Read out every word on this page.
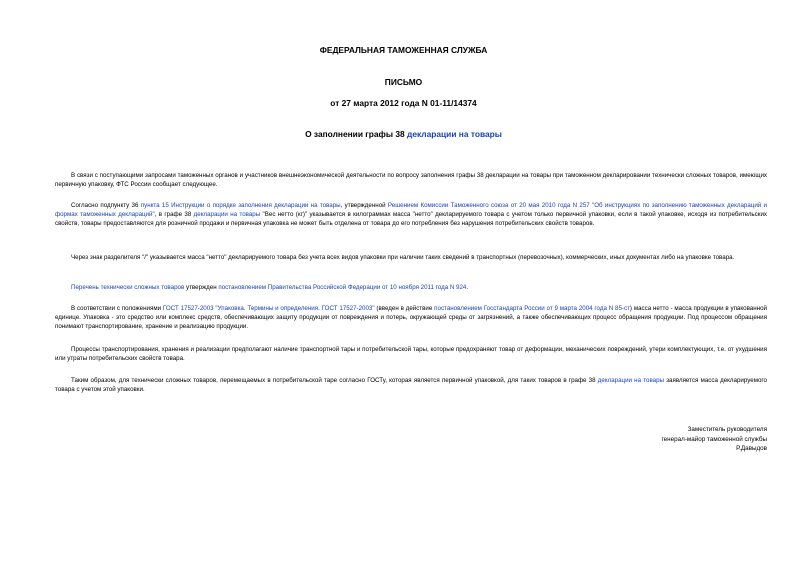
ФЕДЕРАЛЬНАЯ ТАМОЖЕННАЯ СЛУЖБА
ПИСЬМО
от 27 марта 2012 года N 01-11/14374
О заполнении графы 38 декларации на товары

В связи с поступающими запросами таможенных органов и участников внешнеэкономической деятельности по вопросу заполнения графы 38 декларации на товары при таможенном декларировании технически сложных товаров, имеющих первичную упаковку, ФТС России сообщает следующее.

Согласно подпункту 36 пункта 15 Инструкции о порядке заполнения декларации на товары, утвержденной Решением Комиссии Таможенного союза от 20 мая 2010 года N 257 "Об инструкциях по заполнению таможенных деклараций и формах таможенных деклараций", в графе 38 декларации на товары "Вес нетто (кг)" указывается в килограммах масса "нетто" декларируемого товара с учетом только первичной упаковки, если в такой упаковке, исходя из потребительских свойств, товары предоставляются для розничной продажи и первичная упаковка не может быть отделена от товара до его потребления без нарушения потребительских свойств товаров.

Через знак разделителя "/" указывается масса "нетто" декларируемого товара без учета всех видов упаковки при наличии таких сведений в транспортных (перевозочных), коммерческих, иных документах либо на упаковке товара.

Перечень технически сложных товаров утвержден постановлением Правительства Российской Федерации от 10 ноября 2011 года N 924.

В соответствии с положениями ГОСТ 17527-2003 "Упаковка. Термины и определения. ГОСТ 17527-2003" (введен в действие постановлением Госстандарта России от 9 марта 2004 года N 85-ст) масса нетто - масса продукции в упакованной единице. Упаковка - это средство или комплекс средств, обеспечивающих защиту продукции от повреждения и потерь, окружающей среды от загрязнений, а также обеспечивающих процесс обращения продукции. Под процессом обращения понимают транспортирование, хранение и реализацию продукции.

Процессы транспортирования, хранения и реализации предполагают наличие транспортной тары и потребительской тары, которые предохраняют товар от деформации, механических повреждений, утери комплектующих, т.е. от ухудшения или утраты потребительских свойств товара.

Таким образом, для технически сложных товаров, перемещаемых в потребительской таре согласно ГОСТу, которая является первичной упаковкой, для таких товаров в графе 38 декларации на товары заявляется масса декларируемого товара с учетом этой упаковки.

Заместитель руководителя
генерал-майор таможенной службы
Р.Давыдов
